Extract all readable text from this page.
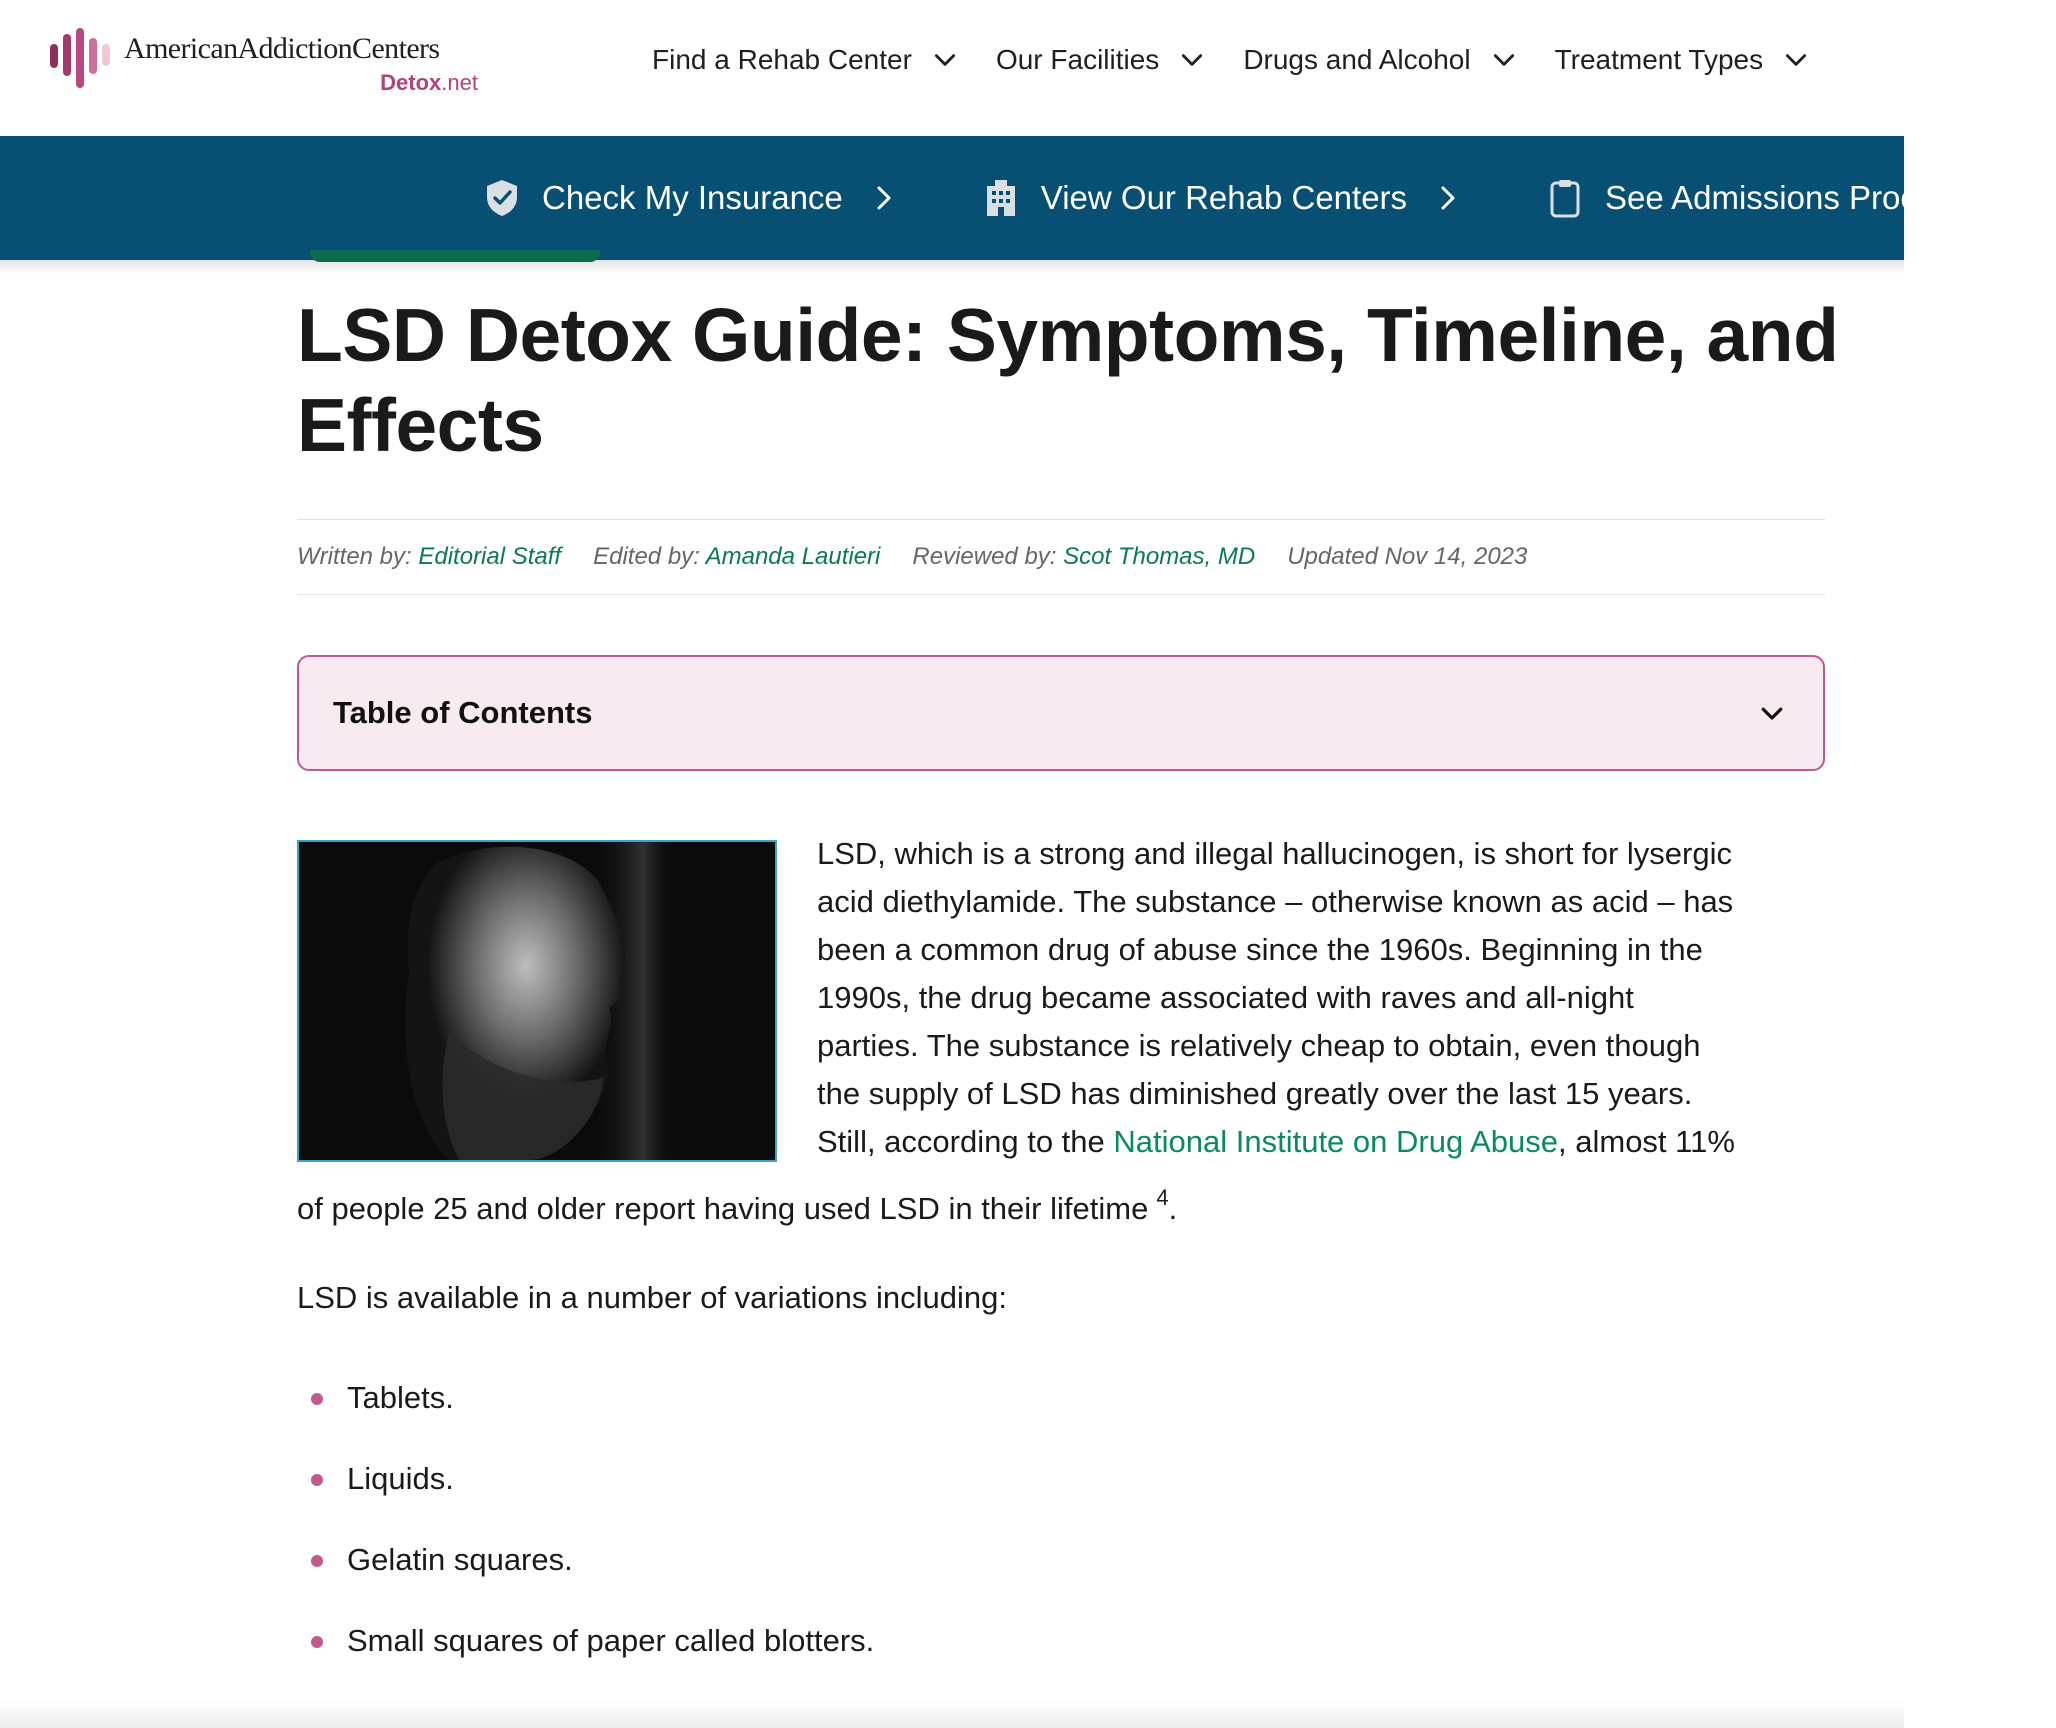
AmericanAddictionCenters
Detox.net
Find a Rehab Center	Our Facilities	Drugs and Alcohol	Treatment Types
Check My Insurance	View Our Rehab Centers	See Admissions Process
LSD Detox Guide: Symptoms, Timeline, and Effects
Written by: Editorial Staff Edited by: Amanda Lautieri Reviewed by: Scot Thomas, MD Updated Nov 14, 2023
Table of Contents

LSD, which is a strong and illegal hallucinogen, is short for lysergic
acid diethylamide. The substance – otherwise known as acid – has
been a common drug of abuse since the 1960s. Beginning in the
1990s, the drug became associated with raves and all-night
parties. The substance is relatively cheap to obtain, even though
the supply of LSD has diminished greatly over the last 15 years.
Still, according to the National Institute on Drug Abuse, almost 11%

of people 25 and older report having used LSD in their lifetime $^4$.

LSD is available in a number of variations including:

Tablets.
Liquids.
Gelatin squares.
Small squares of paper called blotters.
